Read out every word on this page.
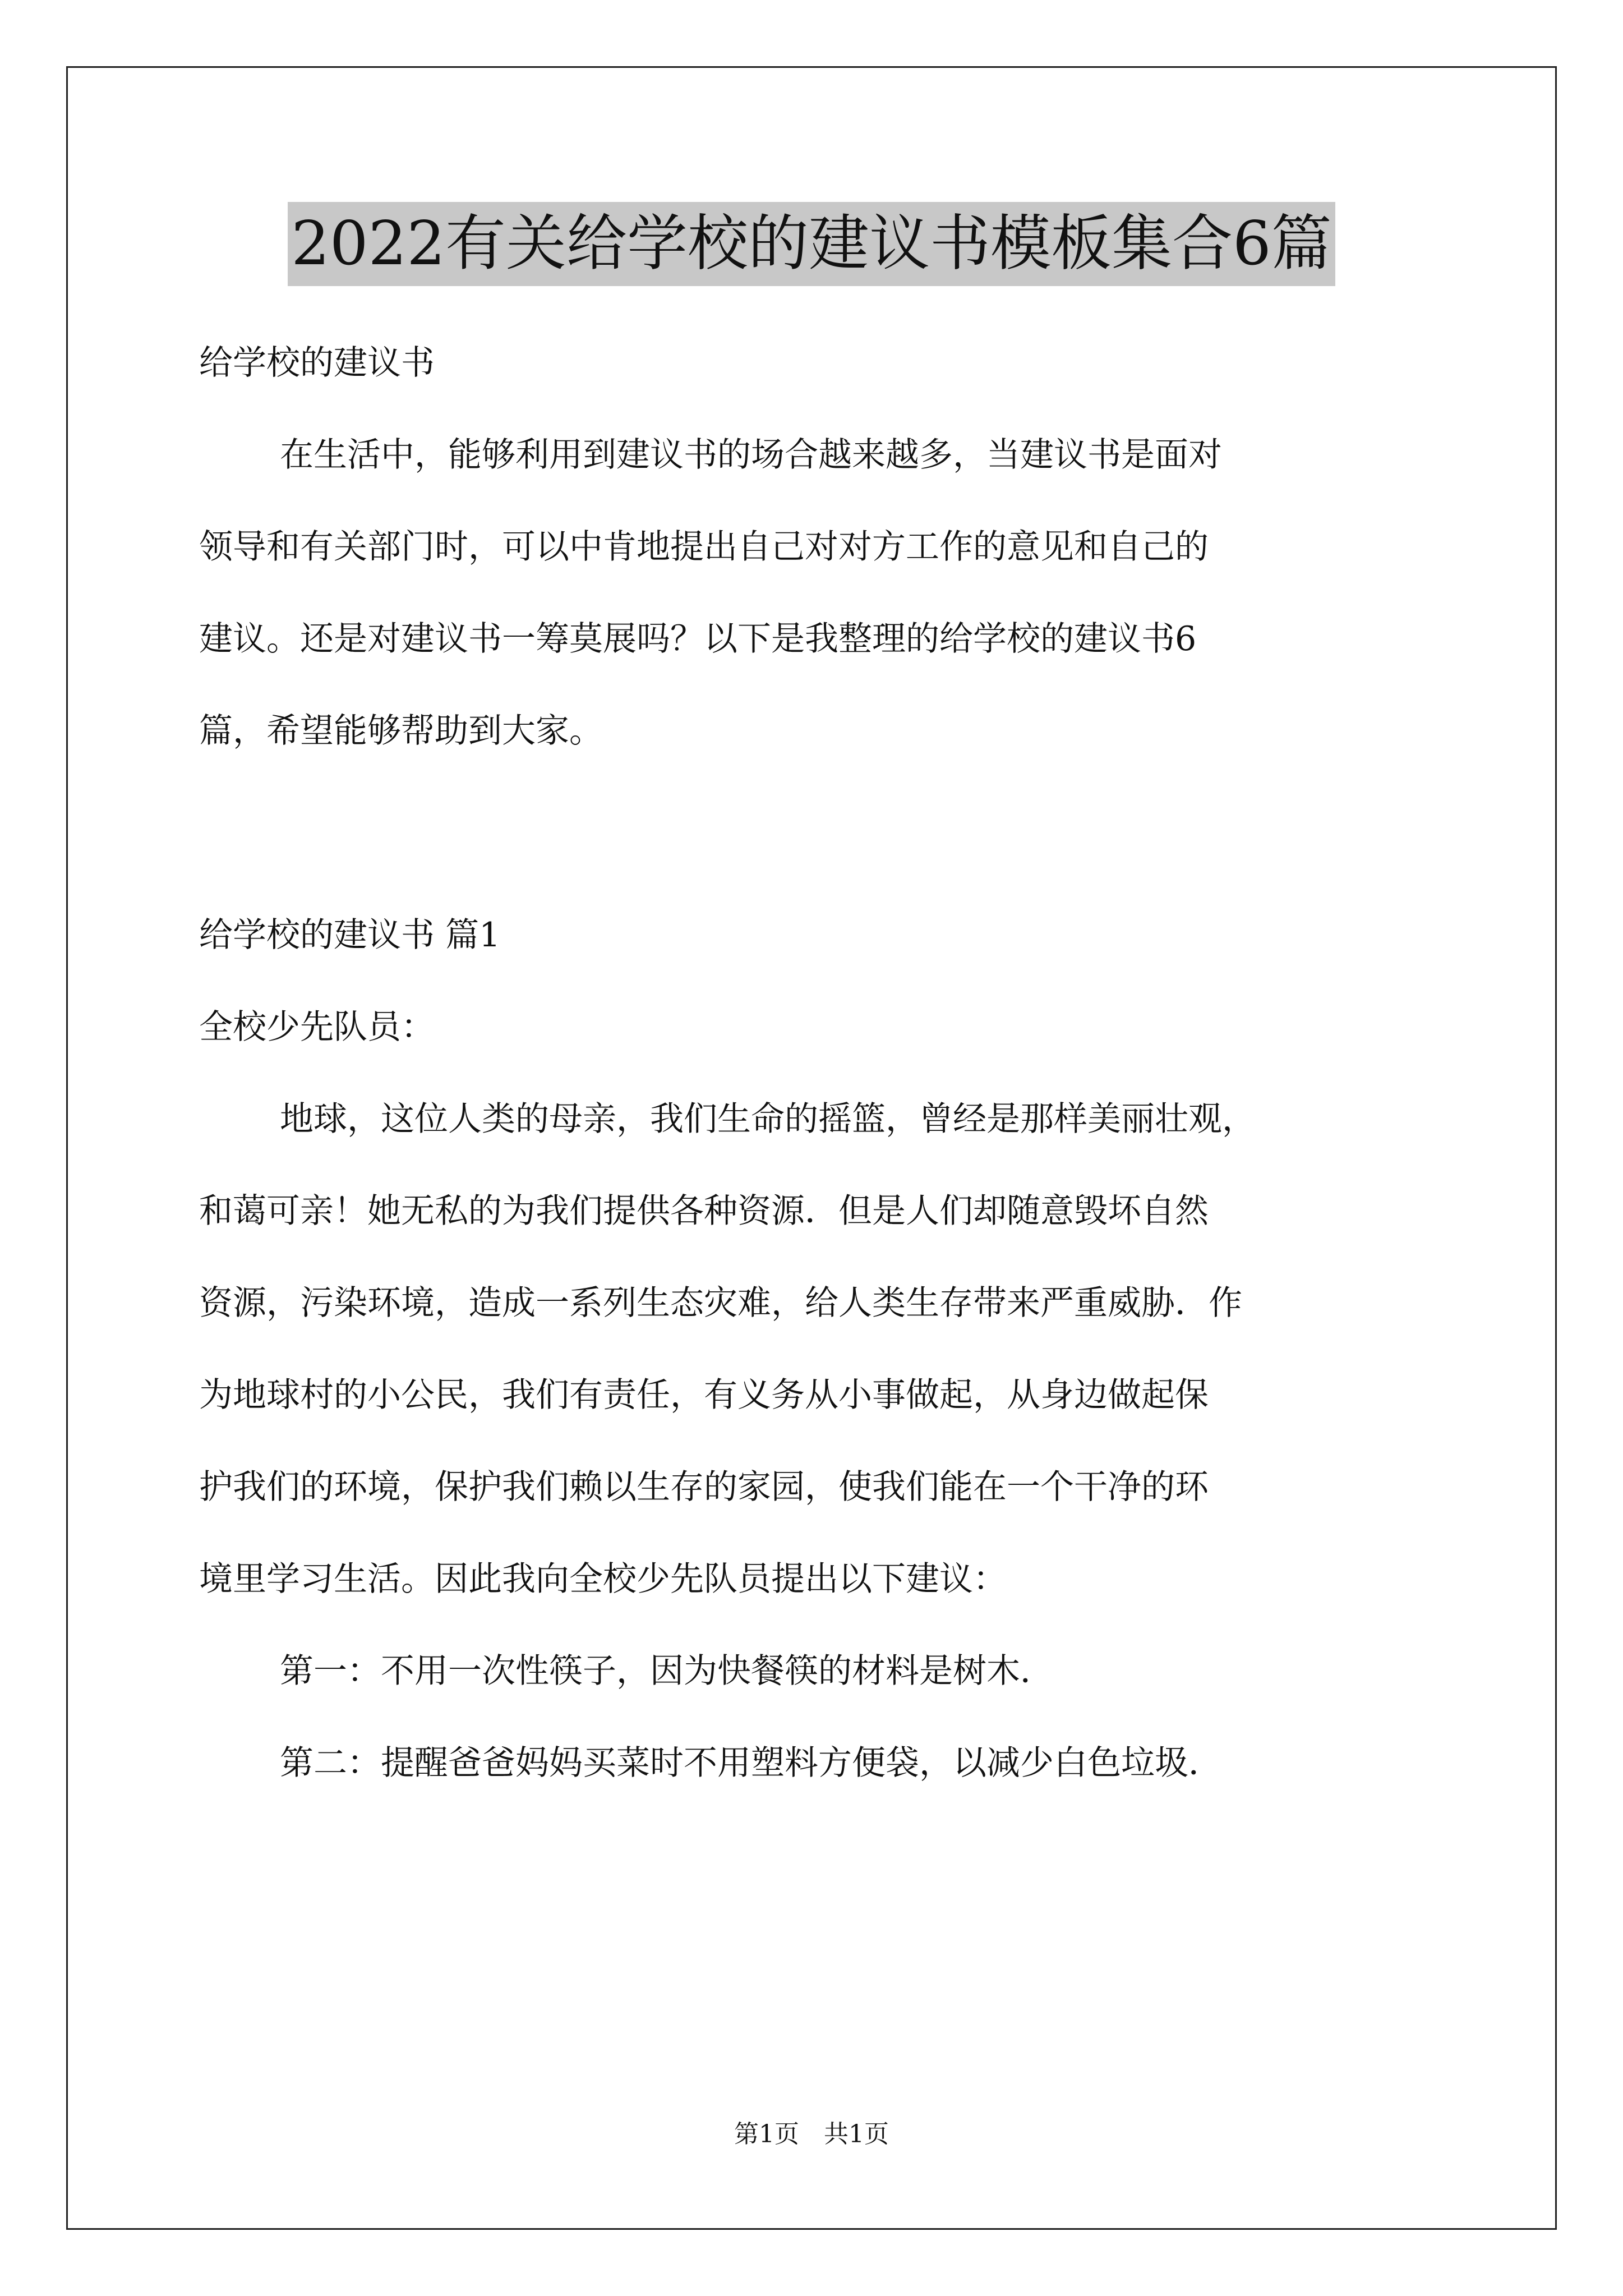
2022有关给学校的建议书模板集合6篇

给学校的建议书

在生活中，能够利用到建议书的场合越来越多，当建议书是面对

领导和有关部门时，可以中肯地提出自己对对方工作的意见和自己的

建议。还是对建议书一筹莫展吗？以下是我整理的给学校的建议书6

篇，希望能够帮助到大家。

给学校的建议书 篇1

全校少先队员：

地球，这位人类的母亲，我们生命的摇篮，曾经是那样美丽壮观，

和蔼可亲！她无私的为我们提供各种资源．但是人们却随意毁坏自然

资源，污染环境，造成一系列生态灾难，给人类生存带来严重威胁．作

为地球村的小公民，我们有责任，有义务从小事做起，从身边做起保

护我们的环境，保护我们赖以生存的家园，使我们能在一个干净的环

境里学习生活。因此我向全校少先队员提出以下建议：

第一：不用一次性筷子，因为快餐筷的材料是树木．

第二：提醒爸爸妈妈买菜时不用塑料方便袋，以减少白色垃圾．

第1页　共1页
